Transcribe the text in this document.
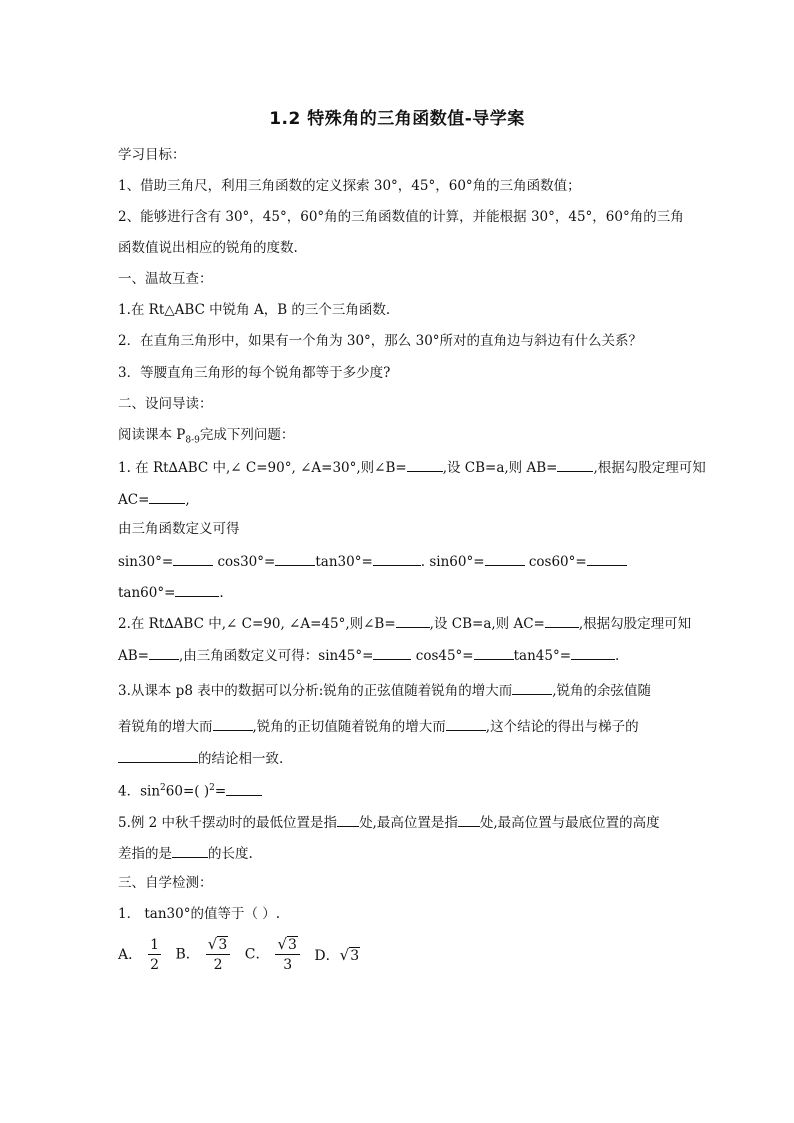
1.2 特殊角的三角函数值-导学案
学习目标：
1、借助三角尺，利用三角函数的定义探索 30°，45°，60°角的三角函数值；
2、能够进行含有 30°，45°，60°角的三角函数值的计算，并能根据 30°，45°，60°角的三角
函数值说出相应的锐角的度数.
一、温故互查：
1.在 Rt△ABC 中锐角 A，B 的三个三角函数.
2．在直角三角形中，如果有一个角为 30°，那么 30°所对的直角边与斜边有什么关系？
3．等腰直角三角形的每个锐角都等于多少度?
二、设问导读：
阅读课本 $P_{8-9}$完成下列问题：
1. 在 Rt∆ABC 中,∠ C=90°, ∠A=30°,则∠B=	,设 CB=a,则 AB=	,根据勾股定理可知
AC=	,
由三角函数定义可得
sin30°=	cos30°=	tan30°=	. sin60°=	cos60°=
tan60°=	.
2.在 Rt∆ABC 中,∠ C=90, ∠A=45°,则∠B=	,设 CB=a,则 AC=	,根据勾股定理可知
AB= ,由三角函数定义可得：sin45°=	cos45°=	tan45°=	.
3.从课本 p8 表中的数据可以分析:锐角的正弦值随着锐角的增大而	,锐角的余弦值随
着锐角的增大而	,锐角的正切值随着锐角的增大而	,这个结论的得出与梯子的
的结论相一致.
4．$\sin^260=$( )$^2$=
5.例 2 中秋千摆动时的最低位置是指 处,最高位置是指 处,最高位置与最底位置的高度
差指的是	的长度.
三、自学检测：
1． tan30°的值等于（ ）.
A． $\frac{1}{2}$ B． $\frac{√3}{2}$ C． $\frac{√3}{3}$ D．√3
